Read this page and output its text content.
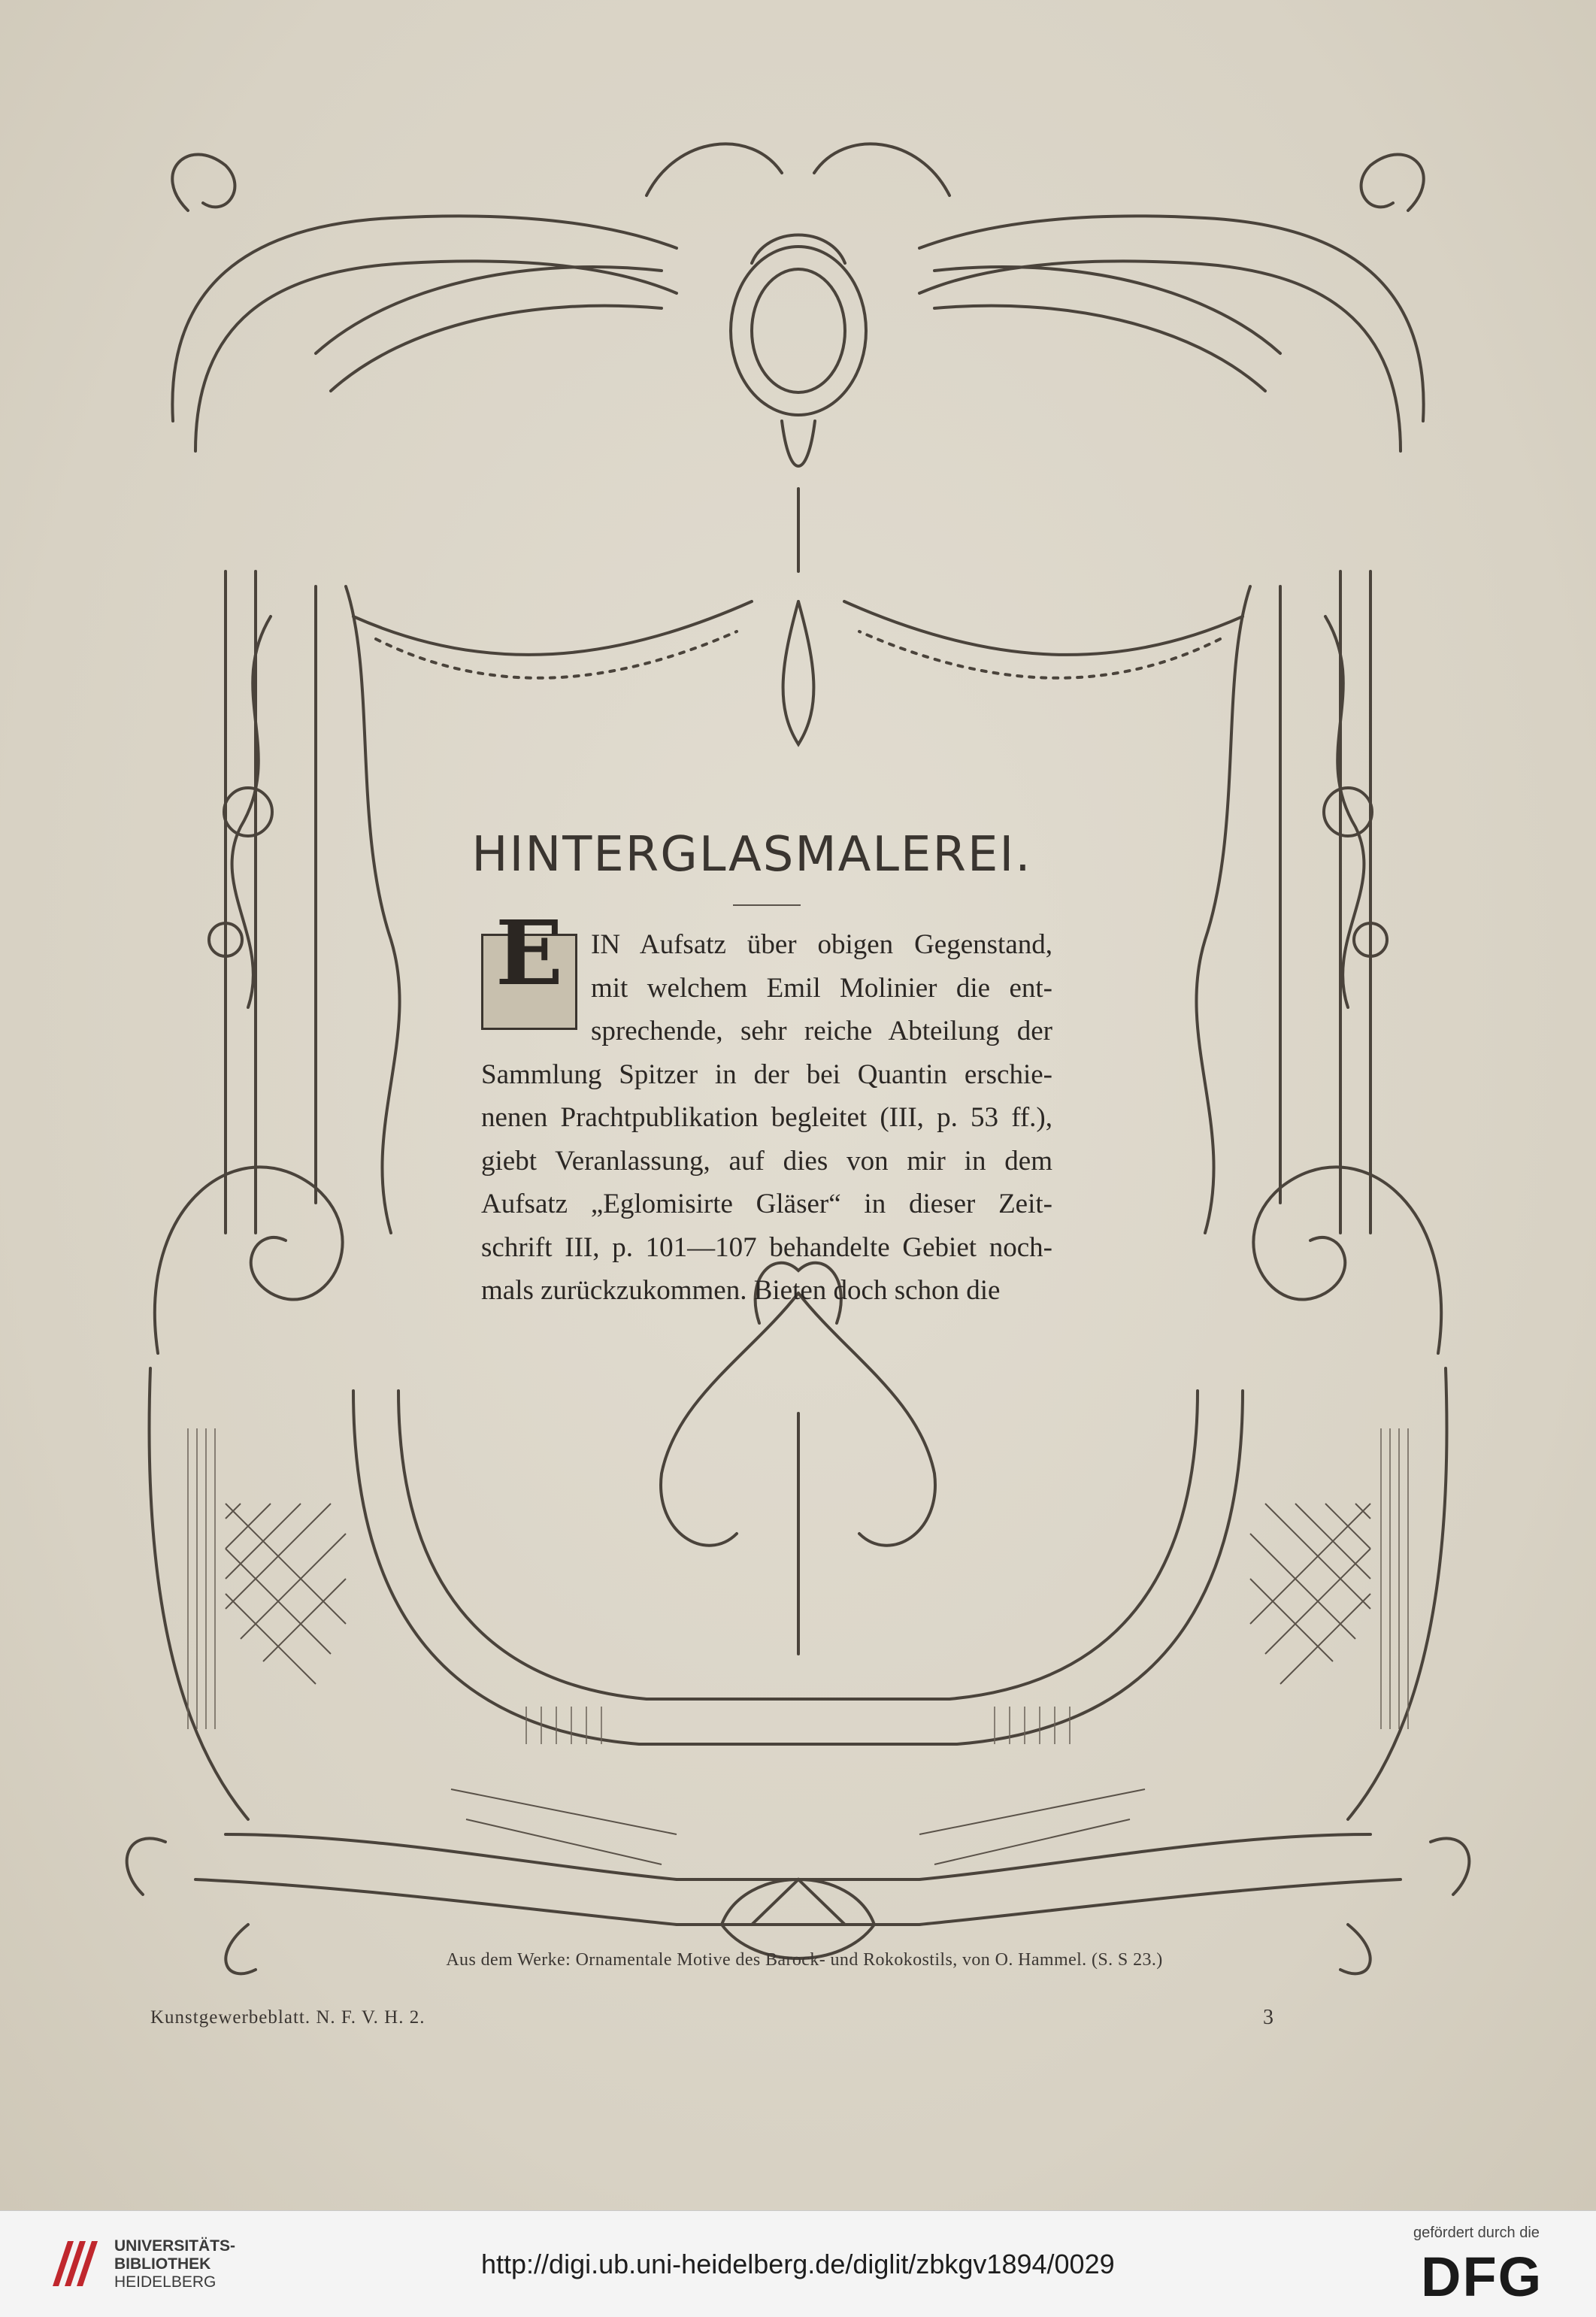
HINTERGLASMALEREI.
E	IN Aufsatz über obigen Gegenstand,
mit welchem Emil Molinier die ent-
sprechende, sehr reiche Abteilung der
Sammlung Spitzer in der bei Quantin erschie-
nenen Prachtpublikation begleitet (III, p. 53 ff.),
giebt Veranlassung, auf dies von mir in dem
Aufsatz „Eglomisirte Gläser“ in dieser Zeit-
schrift III, p. 101—107 behandelte Gebiet noch-
mals zurückzukommen. Bieten doch schon die

Aus dem Werke: Ornamentale Motive des Barock- und Rokokostils, von O. Hammel. (S. S 23.)
Kunstgewerbeblatt. N. F. V. H. 2.	3
UNIVERSITÄTS-
BIBLIOTHEK
HEIDELBERG
http://digi.ub.uni-heidelberg.de/diglit/zbkgv1894/0029
gefördert durch die
DFG
